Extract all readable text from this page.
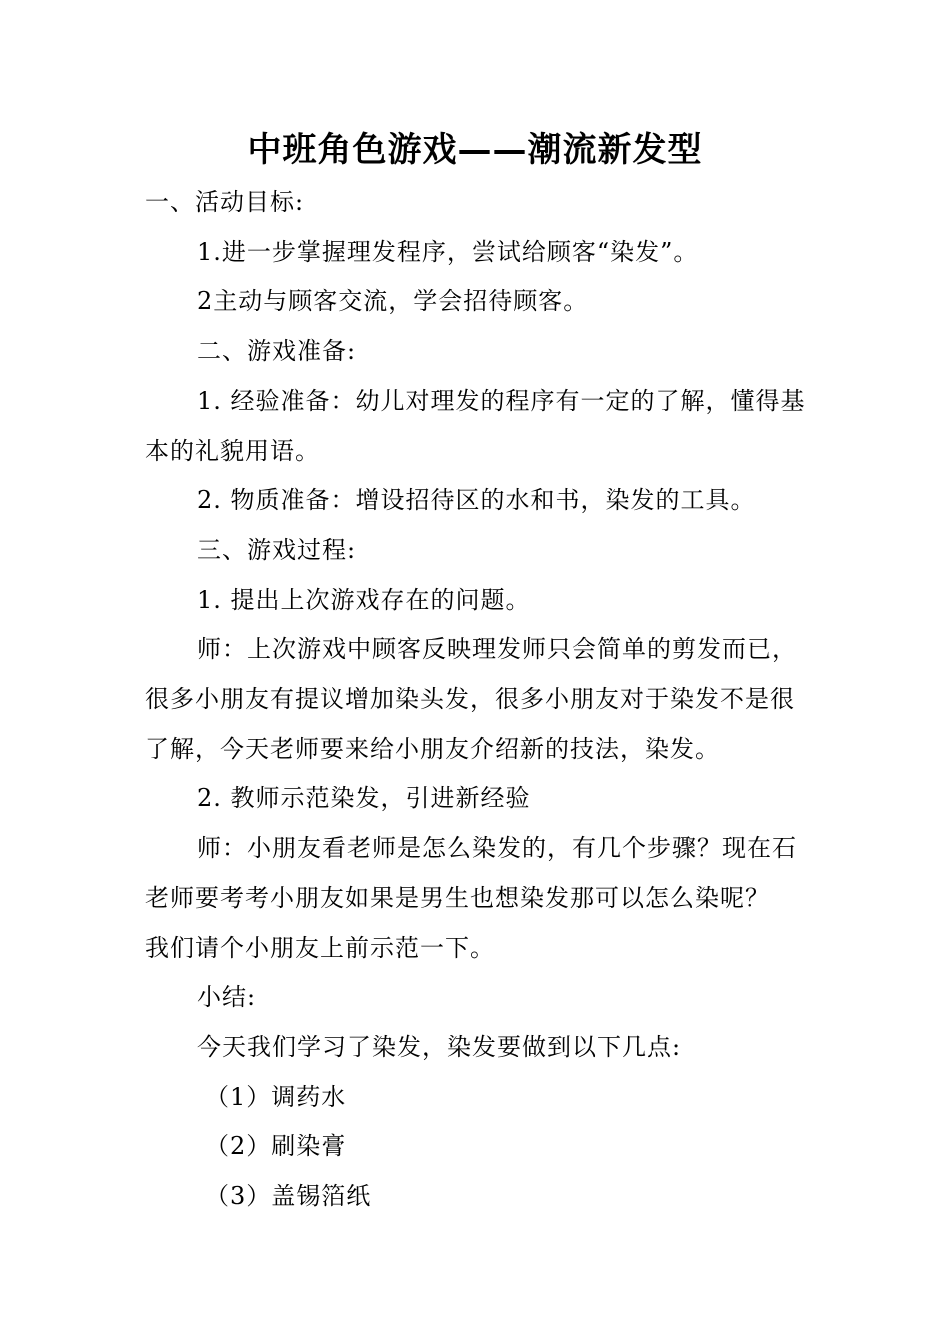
中班角色游戏——潮流新发型

一、活动目标:

1.进一步掌握理发程序，尝试给顾客“染发”。

2主动与顾客交流，学会招待顾客。

二、游戏准备:

1. 经验准备：幼儿对理发的程序有一定的了解，懂得基

本的礼貌用语。

2. 物质准备：增设招待区的水和书，染发的工具。

三、游戏过程:

1. 提出上次游戏存在的问题。

师：上次游戏中顾客反映理发师只会简单的剪发而已，

很多小朋友有提议增加染头发，很多小朋友对于染发不是很

了解，今天老师要来给小朋友介绍新的技法，染发。

2. 教师示范染发，引进新经验

师：小朋友看老师是怎么染发的，有几个步骤？现在石

老师要考考小朋友如果是男生也想染发那可以怎么染呢？

我们请个小朋友上前示范一下。

小结:

今天我们学习了染发，染发要做到以下几点:

（1）调药水

（2）刷染膏

（3）盖锡箔纸
